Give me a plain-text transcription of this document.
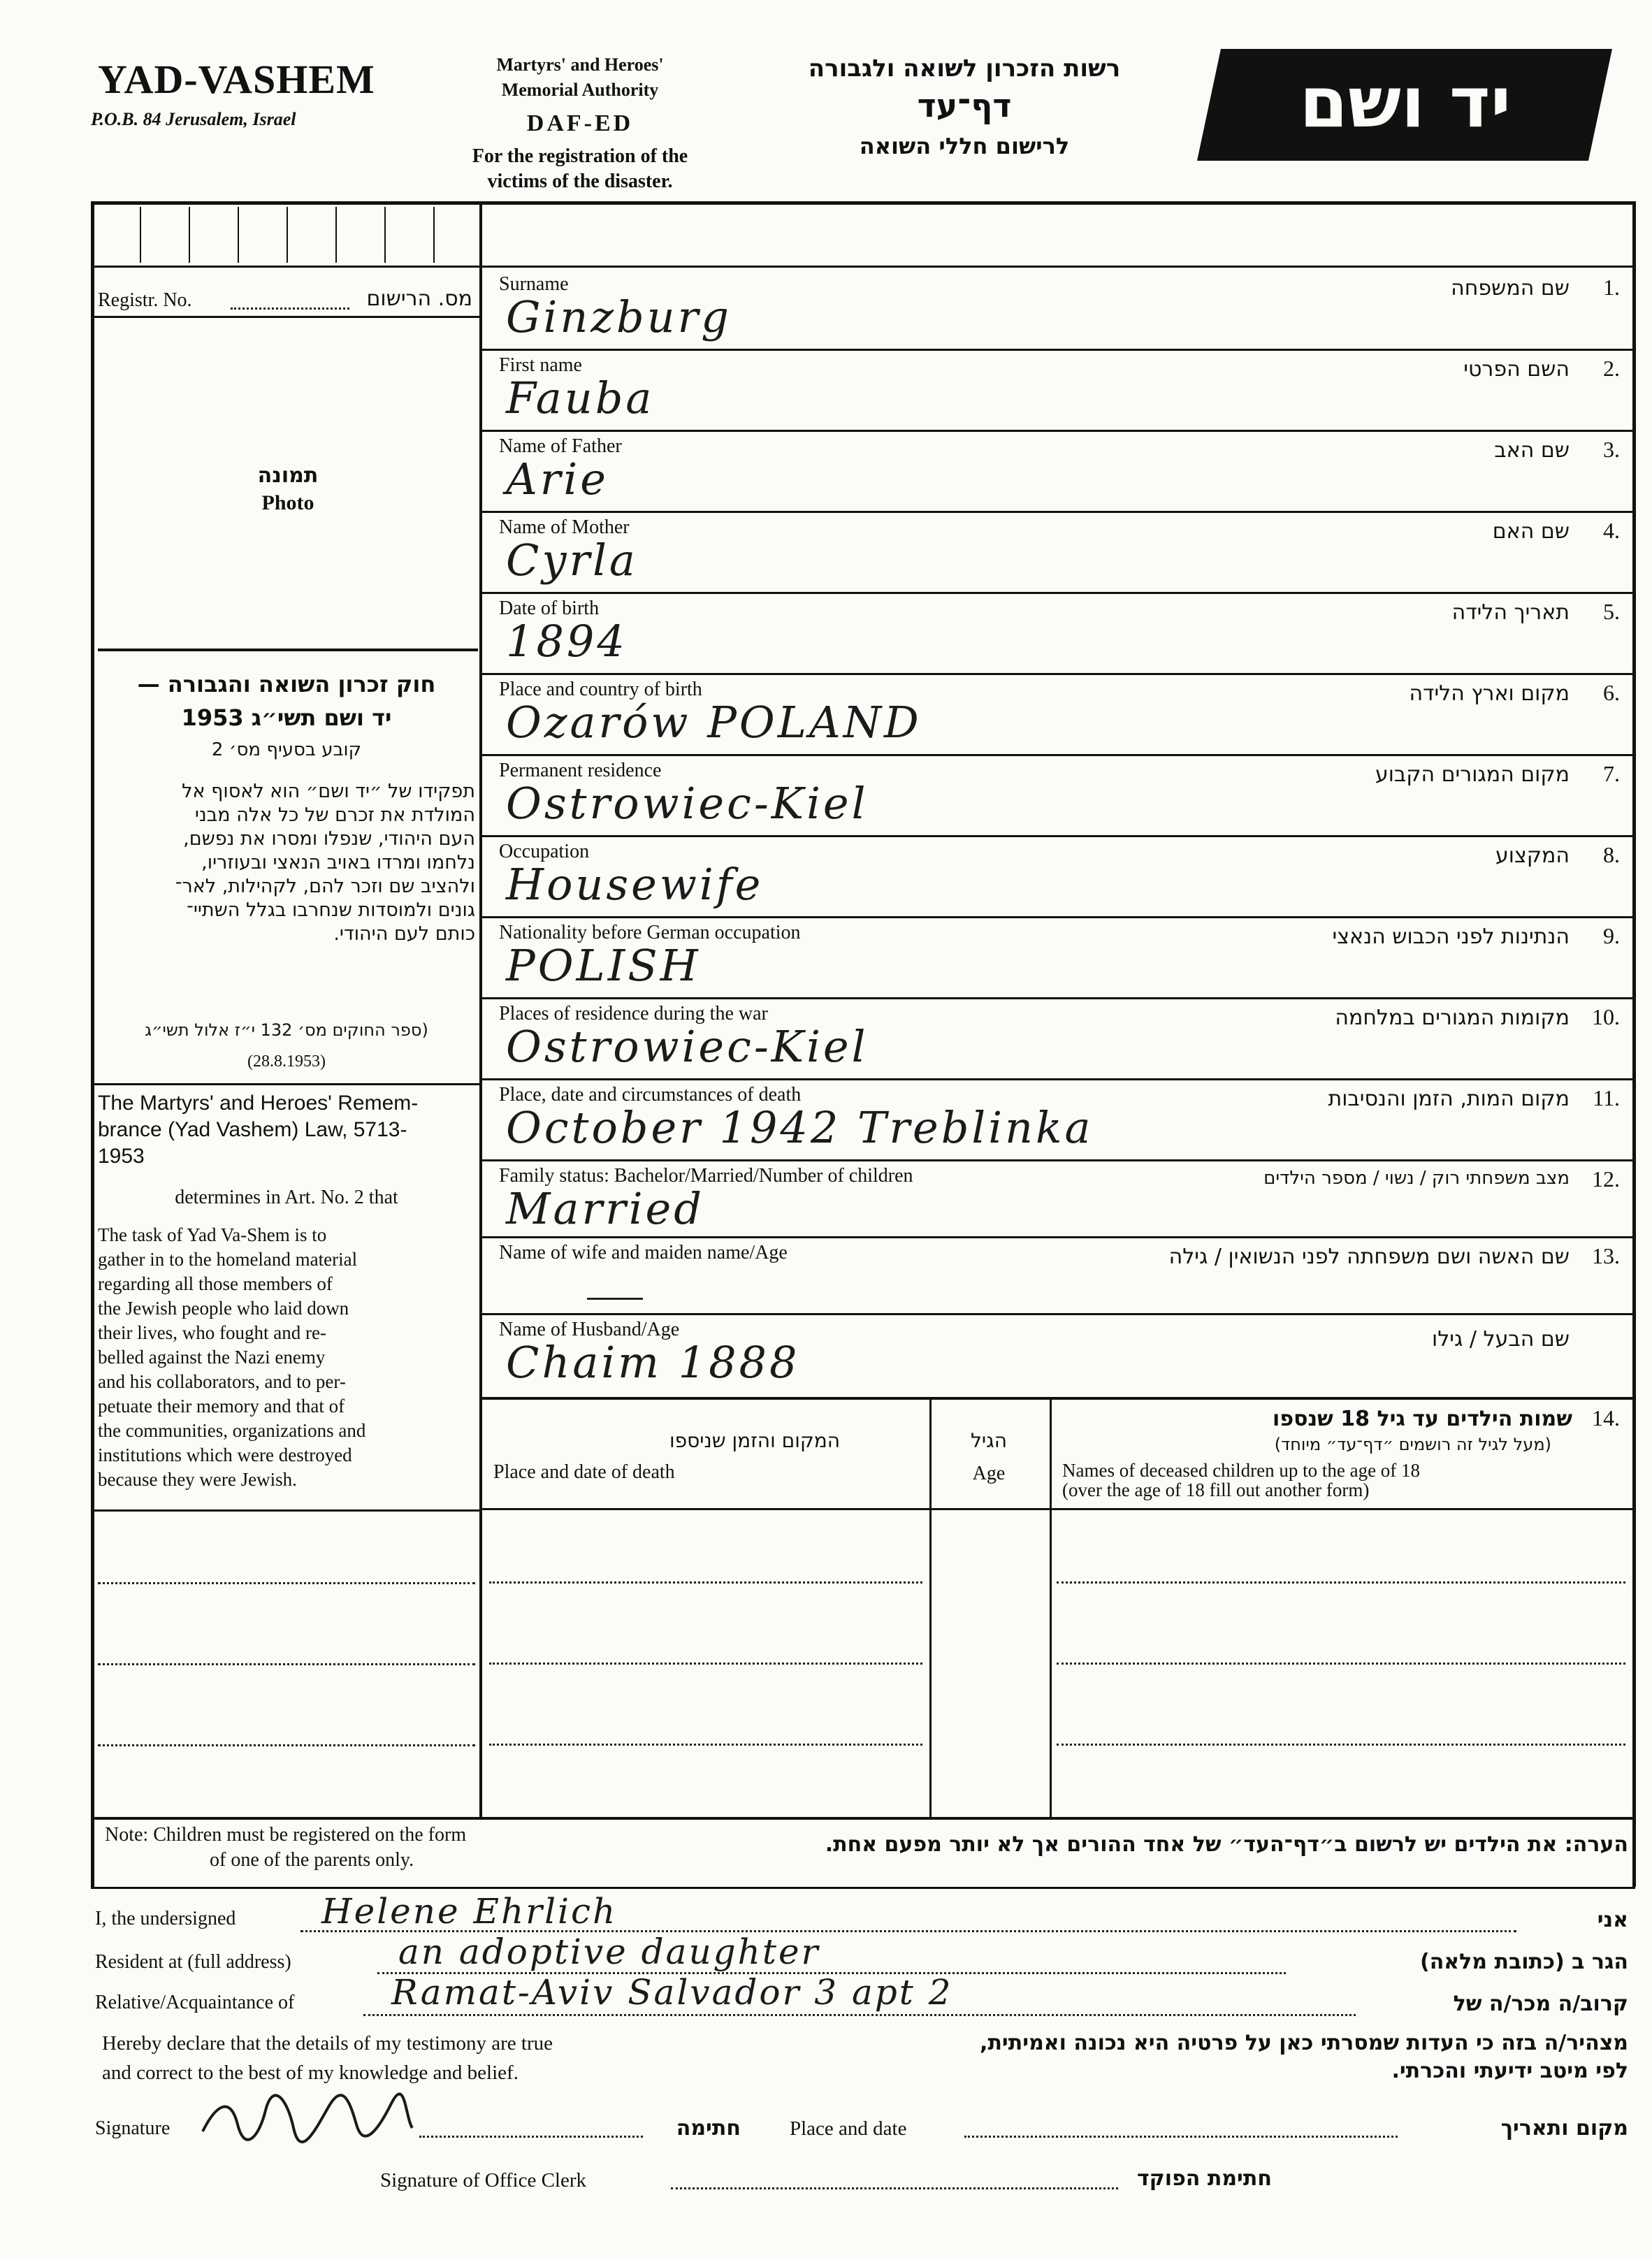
YAD-VASHEM
P.O.B. 84 Jerusalem, Israel
Martyrs' and Heroes'
Memorial Authority
DAF-ED
For the registration of the
victims of the disaster.
רשות הזכרון לשואה ולגבורה
דף־עד
לרישום חללי השואה
יד ושם
Registr. No.	מס. הרישום
תמונה
Photo
חוק זכרון השואה והגבורה —
יד ושם תשי״ג 1953
קובע בסעיף מס׳ 2
תפקידו של ״יד ושם״ הוא לאסוף אל
המולדת את זכרם של כל אלה מבני
העם היהודי, שנפלו ומסרו את נפשם,
נלחמו ומרדו באויב הנאצי ובעוזריו,
ולהציב שם וזכר להם, לקהילות, לאר־
גונים ולמוסדות שנחרבו בגלל השתיי־
כותם לעם היהודי.
(ספר החוקים מס׳ 132 י״ז אלול תשי״ג
(28.8.1953)
The Martyrs' and Heroes' Remem-
brance (Yad Vashem) Law, 5713-
1953
determines in Art. No. 2 that
The task of Yad Va-Shem is to
gather in to the homeland material
regarding all those members of
the Jewish people who laid down
their lives, who fought and re-
belled against the Nazi enemy
and his collaborators, and to per-
petuate their memory and that of
the communities, organizations and
institutions which were destroyed
because they were Jewish.
Surname	שם המשפחה 1.
Ginzburg
First name	השם הפרטי 2.
Fauba
Name of Father	שם האב 3.
Arie
Name of Mother	שם האם 4.
Cyrla
Date of birth	תאריך הלידה 5.
1894
Place and country of birth	מקום וארץ הלידה 6.
Ozarów POLAND
Permanent residence	מקום המגורים הקבוע 7.
Ostrowiec-Kiel
Occupation	המקצוע 8.
Housewife
Nationality before German occupation	הנתינות לפני הכבוש הנאצי 9.
POLISH
Places of residence during the war	מקומות המגורים במלחמה 10.
Ostrowiec-Kiel
Place, date and circumstances of death	מקום המות, הזמן והנסיבות 11.
October 1942 Treblinka
Family status: Bachelor/Married/Number of children	מצב משפחתי רוק / נשוי / מספר הילדים 12.
Married
Name of wife and maiden name/Age	שם האשה ושם משפחתה לפני הנשואין / גילה 13.
Name of Husband/Age	שם הבעל / גילו
Chaim 1888
המקום והזמן שניספו
Place and date of death
הגיל
Age
שמות הילדים עד גיל 18 שנספו 14.
(מעל לגיל זה רושמים ״דף־עד״ מיוחד)
Names of deceased children up to the age of 18
(over the age of 18 fill out another form)
Note: Children must be registered on the form
of one of the parents only.
הערה: את הילדים יש לרשום ב״דף־העד״ של אחד ההורים אך לא יותר מפעם אחת.
I, the undersigned Helene Ehrlich	אני
Resident at (full address)	an adoptive daughter	הגר ב (כתובת מלאה)
Relative/Acquaintance of	Ramat-Aviv Salvador 3 apt 2	קרוב/ה מכר/ה של
Hereby declare that the details of my testimony are true
and correct to the best of my knowledge and belief.
מצהיר/ה בזה כי העדות שמסרתי כאן על פרטיה היא נכונה ואמיתית,
לפי מיטב ידיעתי והכרתי.
Signature	חתימה Place and date	מקום ותאריך
Signature of Office Clerk	חתימת הפוקד
